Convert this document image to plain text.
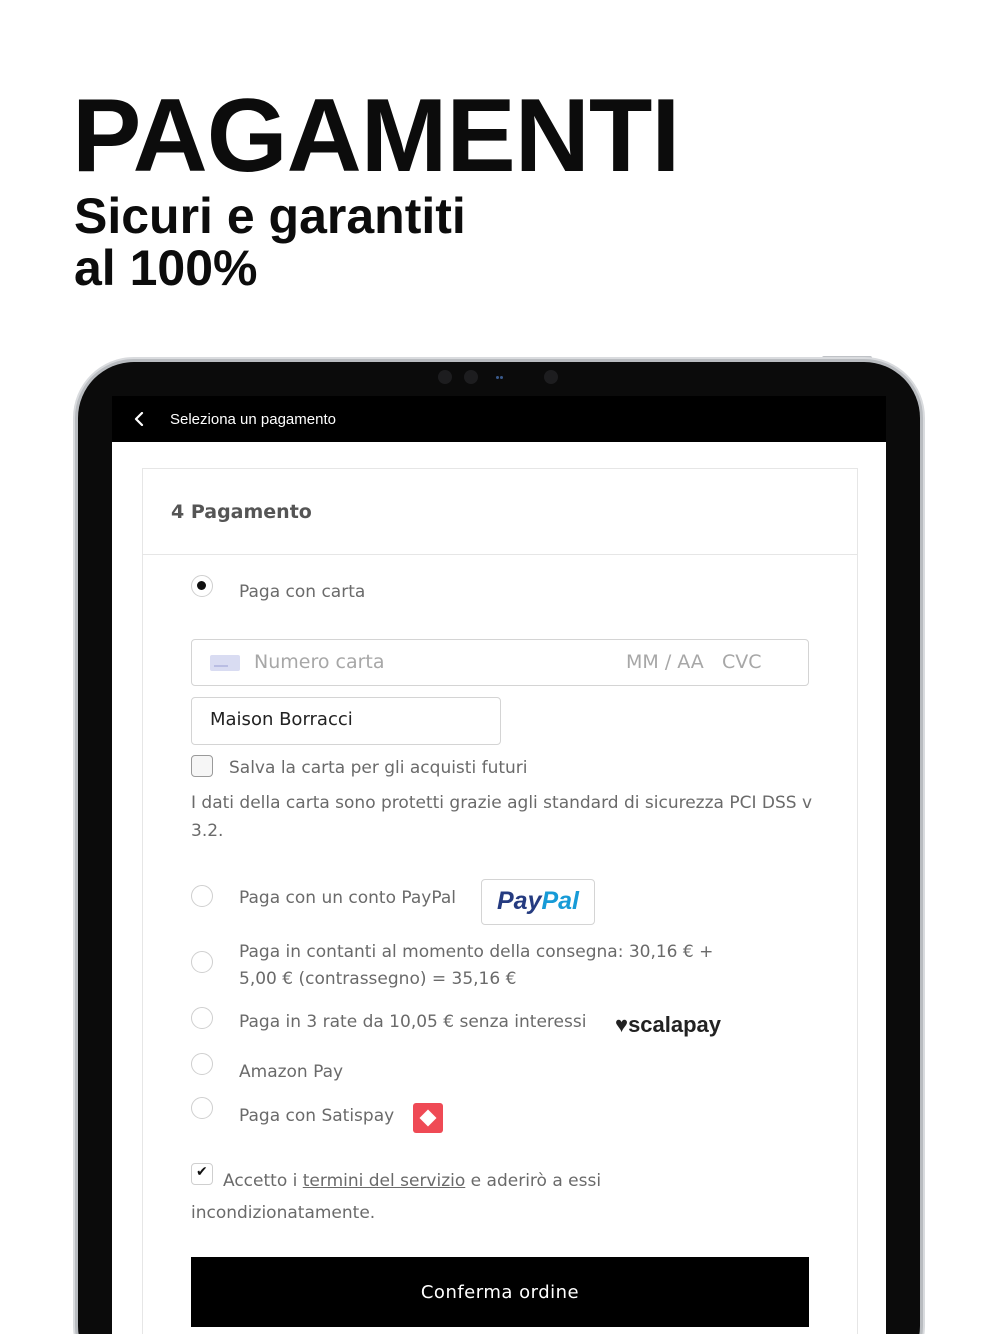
PAGAMENTI
Sicuri e garantiti
al 100%
Seleziona un pagamento
4 Pagamento
Paga con carta
Numero carta	MM / AA CVC
Maison Borracci
Salva la carta per gli acquisti futuri
I dati della carta sono protetti grazie agli standard di sicurezza PCI DSS v 3.2.
Paga con un conto PayPal	PayPal
Paga in contanti al momento della consegna: 30,16 € +
5,00 € (contrassegno) = 35,16 €
Paga in 3 rate da 10,05 € senza interessi ♥scalapay
Amazon Pay
Paga con Satispay
✔
Accetto i termini del servizio e aderirò a essi
incondizionatamente.
Conferma ordine
